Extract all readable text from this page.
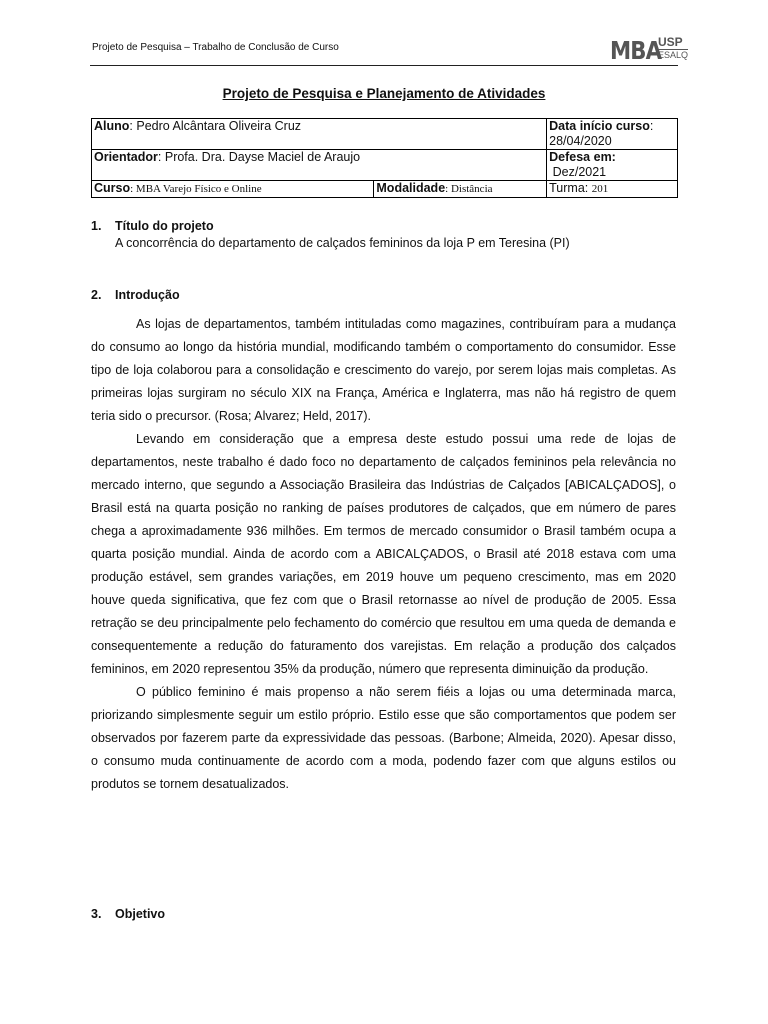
Projeto de Pesquisa – Trabalho de Conclusão de Curso	MBA
USP
ESALQ
Projeto de Pesquisa e Planejamento de Atividades
Aluno: Pedro Alcântara Oliveira Cruz		Data início curso:
28/04/2020
Orientador: Profa. Dra. Dayse Maciel de Araujo		Defesa em:
Dez/2021
Curso: MBA Varejo Físico e Online	Modalidade: Distância	Turma: 201
1. Título do projeto
A concorrência do departamento de calçados femininos da loja P em Teresina (PI)
2. Introdução

As lojas de departamentos, também intituladas como magazines, contribuíram para a mudança do consumo ao longo da história mundial, modificando também o comportamento do consumidor. Esse tipo de loja colaborou para a consolidação e crescimento do varejo, por serem lojas mais completas. As primeiras lojas surgiram no século XIX na França, América e Inglaterra, mas não há registro de quem teria sido o precursor. (Rosa; Alvarez; Held, 2017).

Levando em consideração que a empresa deste estudo possui uma rede de lojas de departamentos, neste trabalho é dado foco no departamento de calçados femininos pela relevância no mercado interno, que segundo a Associação Brasileira das Indústrias de Calçados [ABICALÇADOS], o Brasil está na quarta posição no ranking de países produtores de calçados, que em número de pares chega a aproximadamente 936 milhões. Em termos de mercado consumidor o Brasil também ocupa a quarta posição mundial. Ainda de acordo com a ABICALÇADOS, o Brasil até 2018 estava com uma produção estável, sem grandes variações, em 2019 houve um pequeno crescimento, mas em 2020 houve queda significativa, que fez com que o Brasil retornasse ao nível de produção de 2005. Essa retração se deu principalmente pelo fechamento do comércio que resultou em uma queda de demanda e consequentemente a redução do faturamento dos varejistas. Em relação a produção dos calçados femininos, em 2020 representou 35% da produção, número que representa diminuição da produção.

O público feminino é mais propenso a não serem fiéis a lojas ou uma determinada marca, priorizando simplesmente seguir um estilo próprio. Estilo esse que são comportamentos que podem ser observados por fazerem parte da expressividade das pessoas. (Barbone; Almeida, 2020). Apesar disso, o consumo muda continuamente de acordo com a moda, podendo fazer com que alguns estilos ou produtos se tornem desatualizados.

3. Objetivo
